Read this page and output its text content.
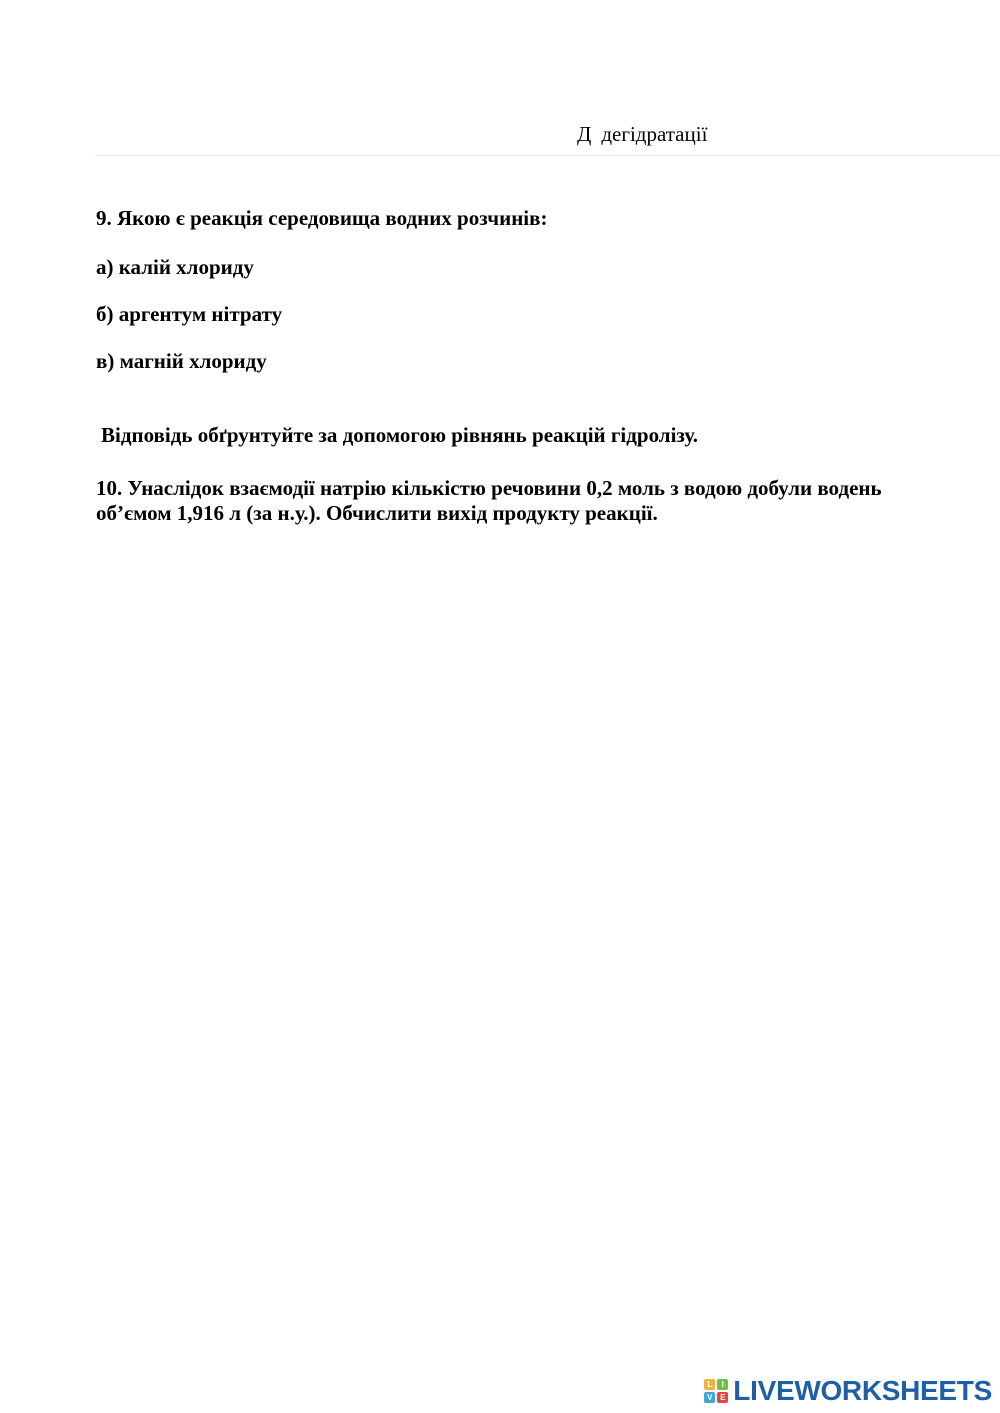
Д дегідратації
9. Якою є реакція середовища водних розчинів:
а) калій хлориду
б) аргентум нітрату
в) магній хлориду
Відповідь обґрунтуйте за допомогою рівнянь реакцій гідролізу.
10. Унаслідок взаємодії натрію кількістю речовини 0,2 моль з водою добули водень об’ємом 1,916 л (за н.у.). Обчислити вихід продукту реакції.
L	I
V E LIVEWORKSHEETS
